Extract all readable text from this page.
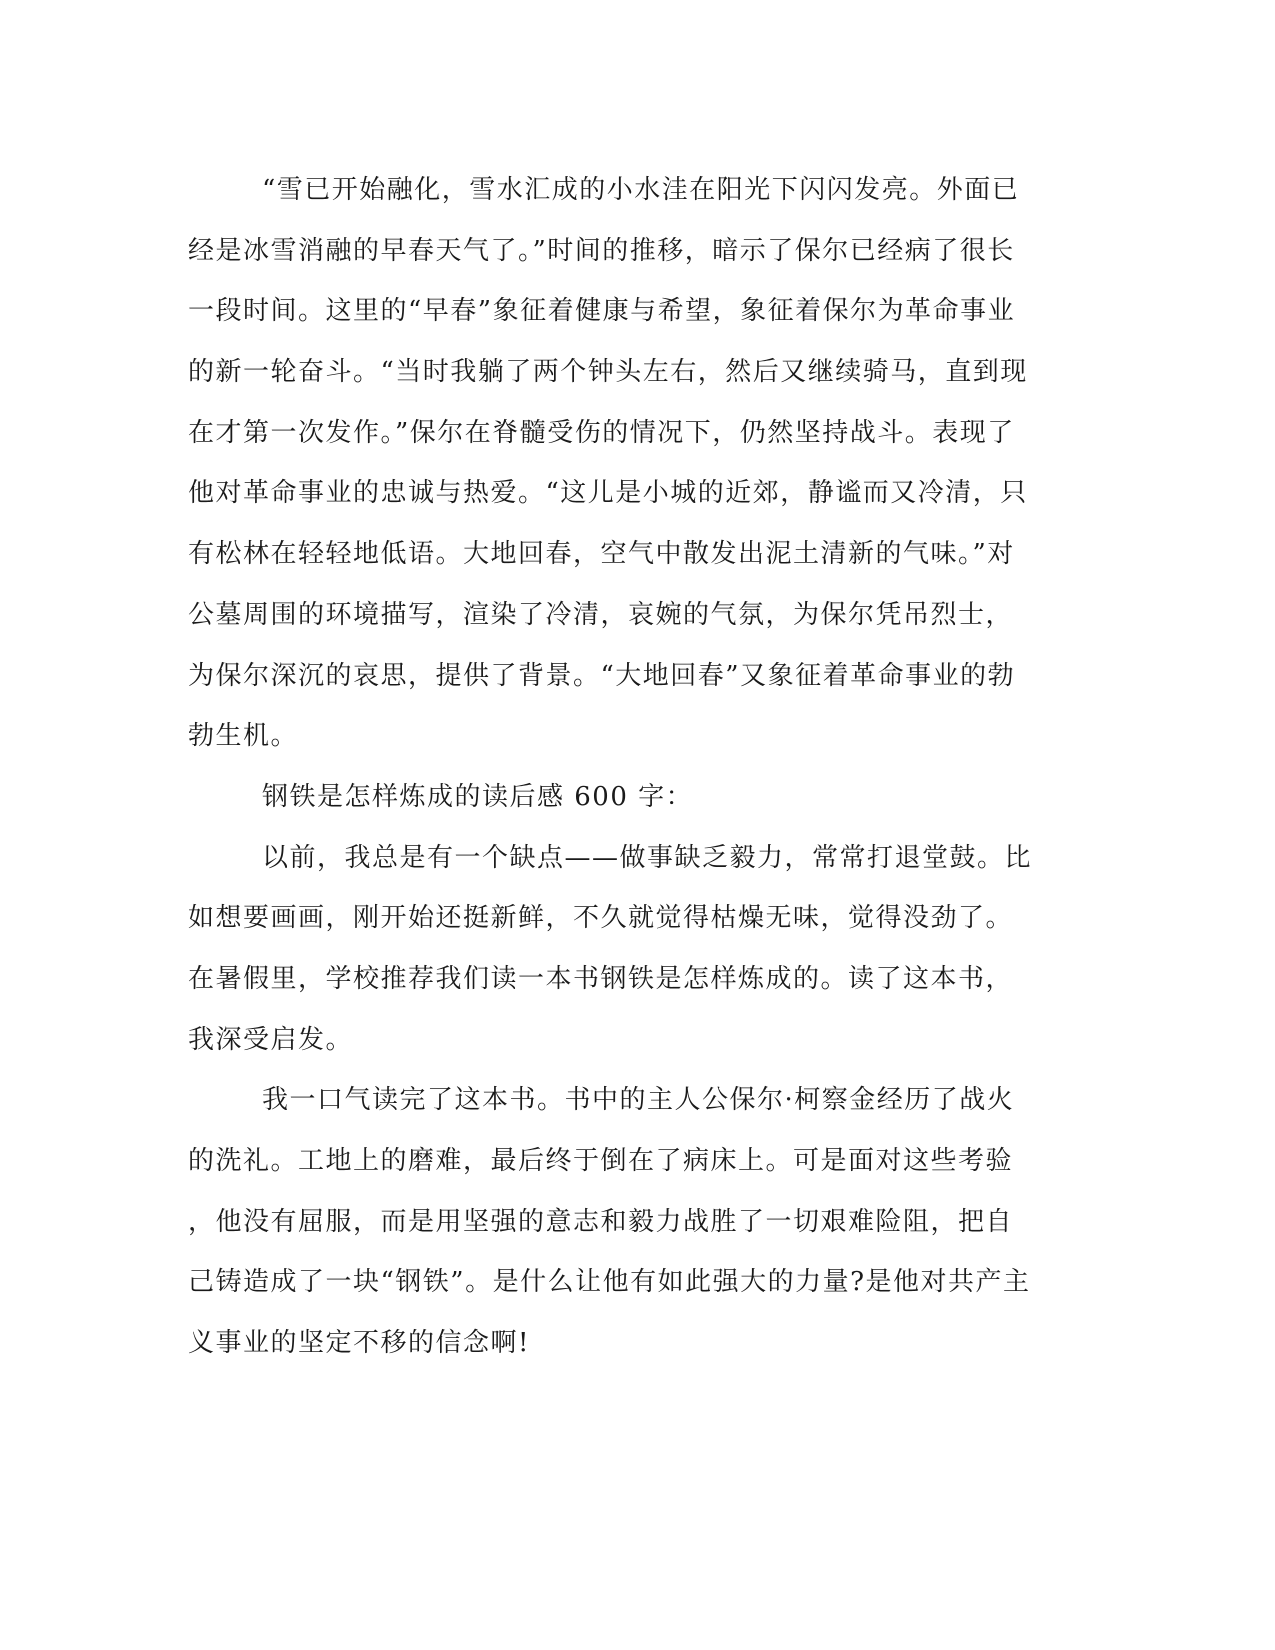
“雪已开始融化，雪水汇成的小水洼在阳光下闪闪发亮。外面已
经是冰雪消融的早春天气了。”时间的推移，暗示了保尔已经病了很长
一段时间。这里的“早春”象征着健康与希望，象征着保尔为革命事业
的新一轮奋斗。“当时我躺了两个钟头左右，然后又继续骑马，直到现
在才第一次发作。”保尔在脊髓受伤的情况下，仍然坚持战斗。表现了
他对革命事业的忠诚与热爱。“这儿是小城的近郊，静谧而又冷清，只
有松林在轻轻地低语。大地回春，空气中散发出泥土清新的气味。”对
公墓周围的环境描写，渲染了冷清，哀婉的气氛，为保尔凭吊烈士，
为保尔深沉的哀思，提供了背景。“大地回春”又象征着革命事业的勃
勃生机。
钢铁是怎样炼成的读后感 600 字：
以前，我总是有一个缺点——做事缺乏毅力，常常打退堂鼓。比
如想要画画，刚开始还挺新鲜，不久就觉得枯燥无味，觉得没劲了。
在暑假里，学校推荐我们读一本书钢铁是怎样炼成的。读了这本书，
我深受启发。
我一口气读完了这本书。书中的主人公保尔·柯察金经历了战火
的洗礼。工地上的磨难，最后终于倒在了病床上。可是面对这些考验
，他没有屈服，而是用坚强的意志和毅力战胜了一切艰难险阻，把自
己铸造成了一块“钢铁”。是什么让他有如此强大的力量?是他对共产主
义事业的坚定不移的信念啊!
